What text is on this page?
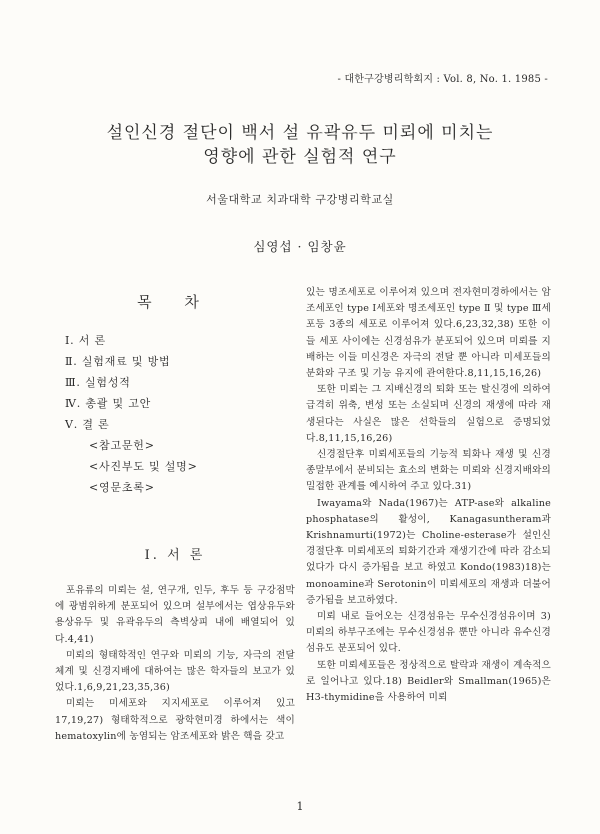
- 대한구강병리학회지 : Vol. 8, No. 1. 1985 -
설인신경 절단이 백서 설 유곽유두 미뢰에 미치는
영향에 관한 실험적 연구
서울대학교 치과대학 구강병리학교실
심영섭 · 임창윤
목 차
Ⅰ. 서 론
Ⅱ. 실험재료 및 방법
Ⅲ. 실험성적
Ⅳ. 총괄 및 고안
Ⅴ. 결 론
<참고문헌>
<사진부도 및 설명>
<영문초록>
Ⅰ. 서 론

포유류의 미뢰는 설, 연구개, 인두, 후두 등 구강점막에 광범위하게 분포되어 있으며 설부에서는 엽상유두와 용상유두 및 유곽유두의 측벽상피 내에 배열되어 있다.4,41)

미뢰의 형태학적인 연구와 미뢰의 기능, 자극의 전달체계 및 신경지배에 대하여는 많은 학자들의 보고가 있었다.1,6,9,21,23,35,36)

미뢰는 미세포와 지지세포로 이루어져 있고17,19,27) 형태학적으로 광학현미경 하에서는 색이 hematoxylin에 농염되는 암조세포와 밝은 핵을 갖고

있는 명조세포로 이루어져 있으며 전자현미경하에서는 암조세포인 type Ⅰ세포와 명조세포인 type Ⅱ 및 type Ⅲ세포등 3종의 세포로 이루어져 있다.6,23,32,38) 또한 이들 세포 사이에는 신경섬유가 분포되어 있으며 미뢰를 지배하는 이들 미신경은 자극의 전달 뿐 아니라 미세포들의 분화와 구조 및 기능 유지에 관여한다.8,11,15,16,26)

또한 미뢰는 그 지배신경의 퇴화 또는 탈신경에 의하여 급격히 위축, 변성 또는 소실되며 신경의 재생에 따라 재생된다는 사실은 많은 선학들의 실험으로 증명되었다.8,11,15,16,26)

신경절단후 미뢰세포들의 기능적 퇴화나 재생 및 신경종말부에서 분비되는 효소의 변화는 미뢰와 신경지배와의 밀접한 관계를 예시하여 주고 있다.31)

Iwayama와 Nada(1967)는 ATP-ase와 alkaline phosphatase의 활성이, Kanagasuntheram과 Krishnamurti(1972)는 Choline-esterase가 설인신경절단후 미뢰세포의 퇴화기간과 재생기간에 따라 감소되었다가 다시 증가됨을 보고 하였고 Kondo(1983)18)는 monoamine과 Serotonin이 미뢰세포의 재생과 더불어 증가됨을 보고하였다.

미뢰 내로 들어오는 신경섬유는 무수신경섬유이며 3) 미뢰의 하부구조에는 무수신경섬유 뿐만 아니라 유수신경섬유도 분포되어 있다.

또한 미뢰세포들은 정상적으로 탈락과 재생이 계속적으로 일어나고 있다.18) Beidler와 Smallman(1965)은 H3-thymidine을 사용하여 미뢰

1
